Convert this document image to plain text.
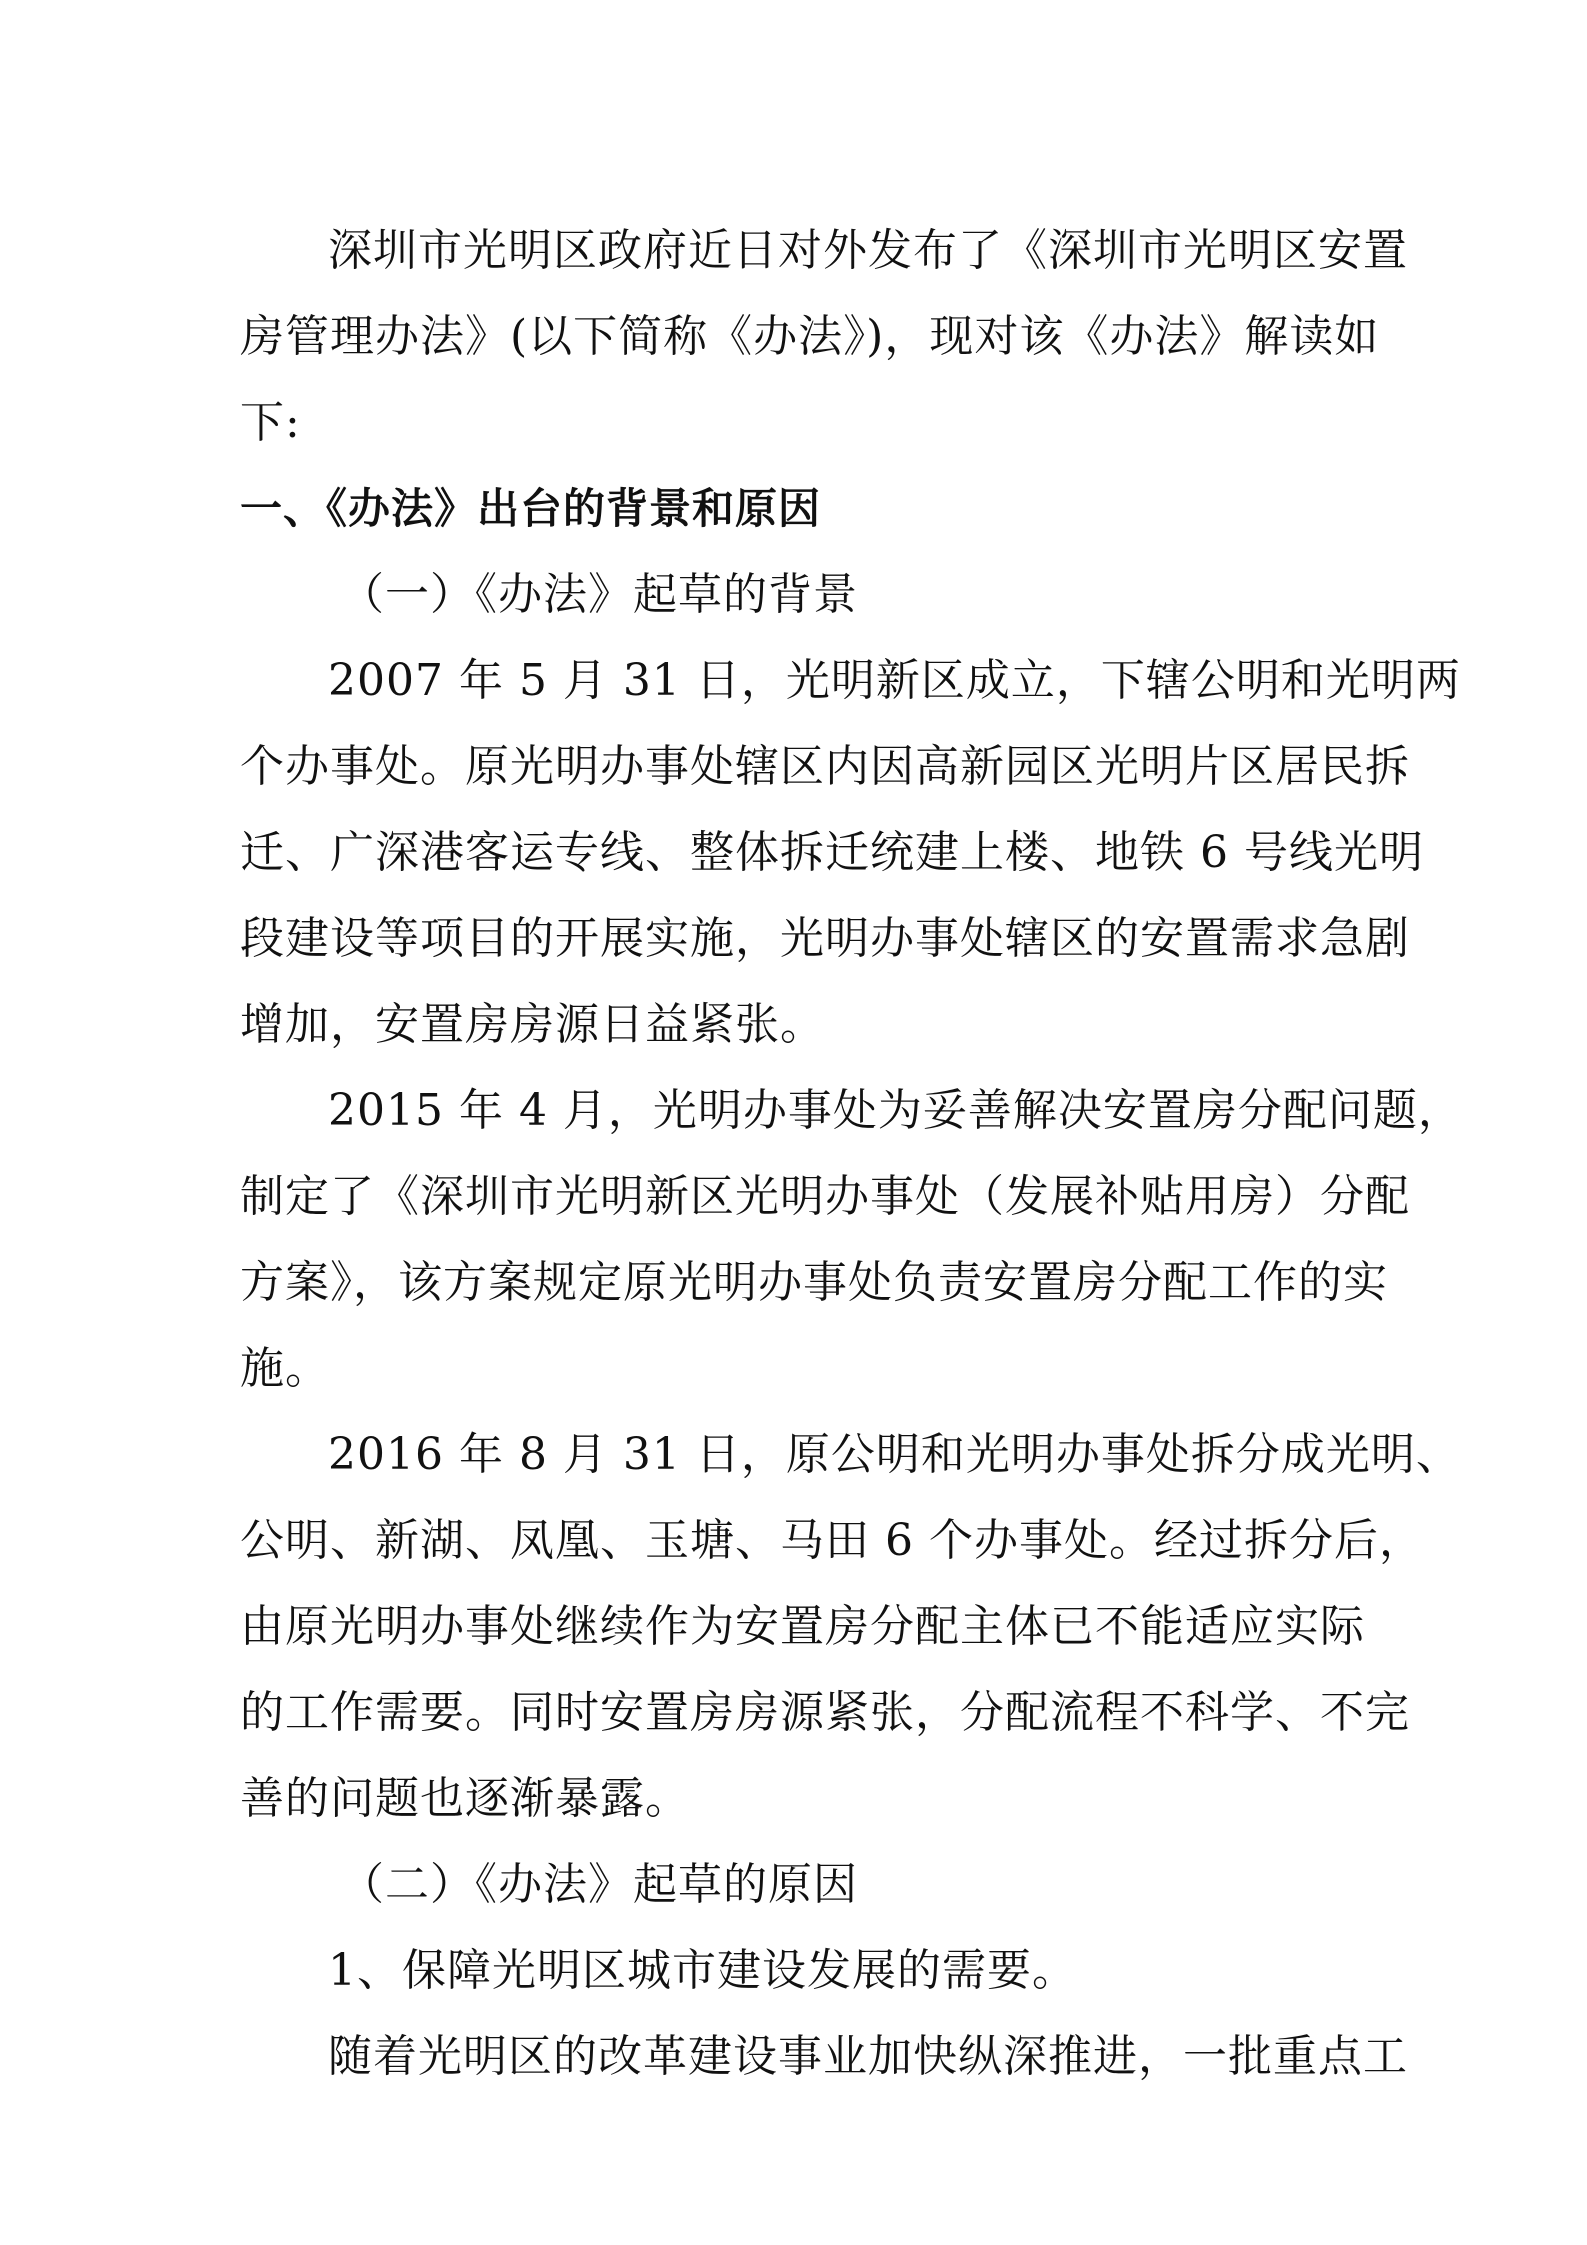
深圳市光明区政府近日对外发布了《深圳市光明区安置
房管理办法》(以下简称《办法》)，现对该《办法》解读如
下:
一、《办法》出台的背景和原因
（一）《办法》起草的背景
2007 年 5 月 31 日，光明新区成立，下辖公明和光明两
个办事处。原光明办事处辖区内因高新园区光明片区居民拆
迁、广深港客运专线、整体拆迁统建上楼、地铁 6 号线光明
段建设等项目的开展实施，光明办事处辖区的安置需求急剧
增加，安置房房源日益紧张。
2015 年 4 月，光明办事处为妥善解决安置房分配问题，
制定了《深圳市光明新区光明办事处（发展补贴用房）分配
方案》，该方案规定原光明办事处负责安置房分配工作的实
施。
2016 年 8 月 31 日，原公明和光明办事处拆分成光明、
公明、新湖、凤凰、玉塘、马田 6 个办事处。经过拆分后，
由原光明办事处继续作为安置房分配主体已不能适应实际
的工作需要。同时安置房房源紧张，分配流程不科学、不完
善的问题也逐渐暴露。
（二）《办法》起草的原因
1、保障光明区城市建设发展的需要。
随着光明区的改革建设事业加快纵深推进，一批重点工
